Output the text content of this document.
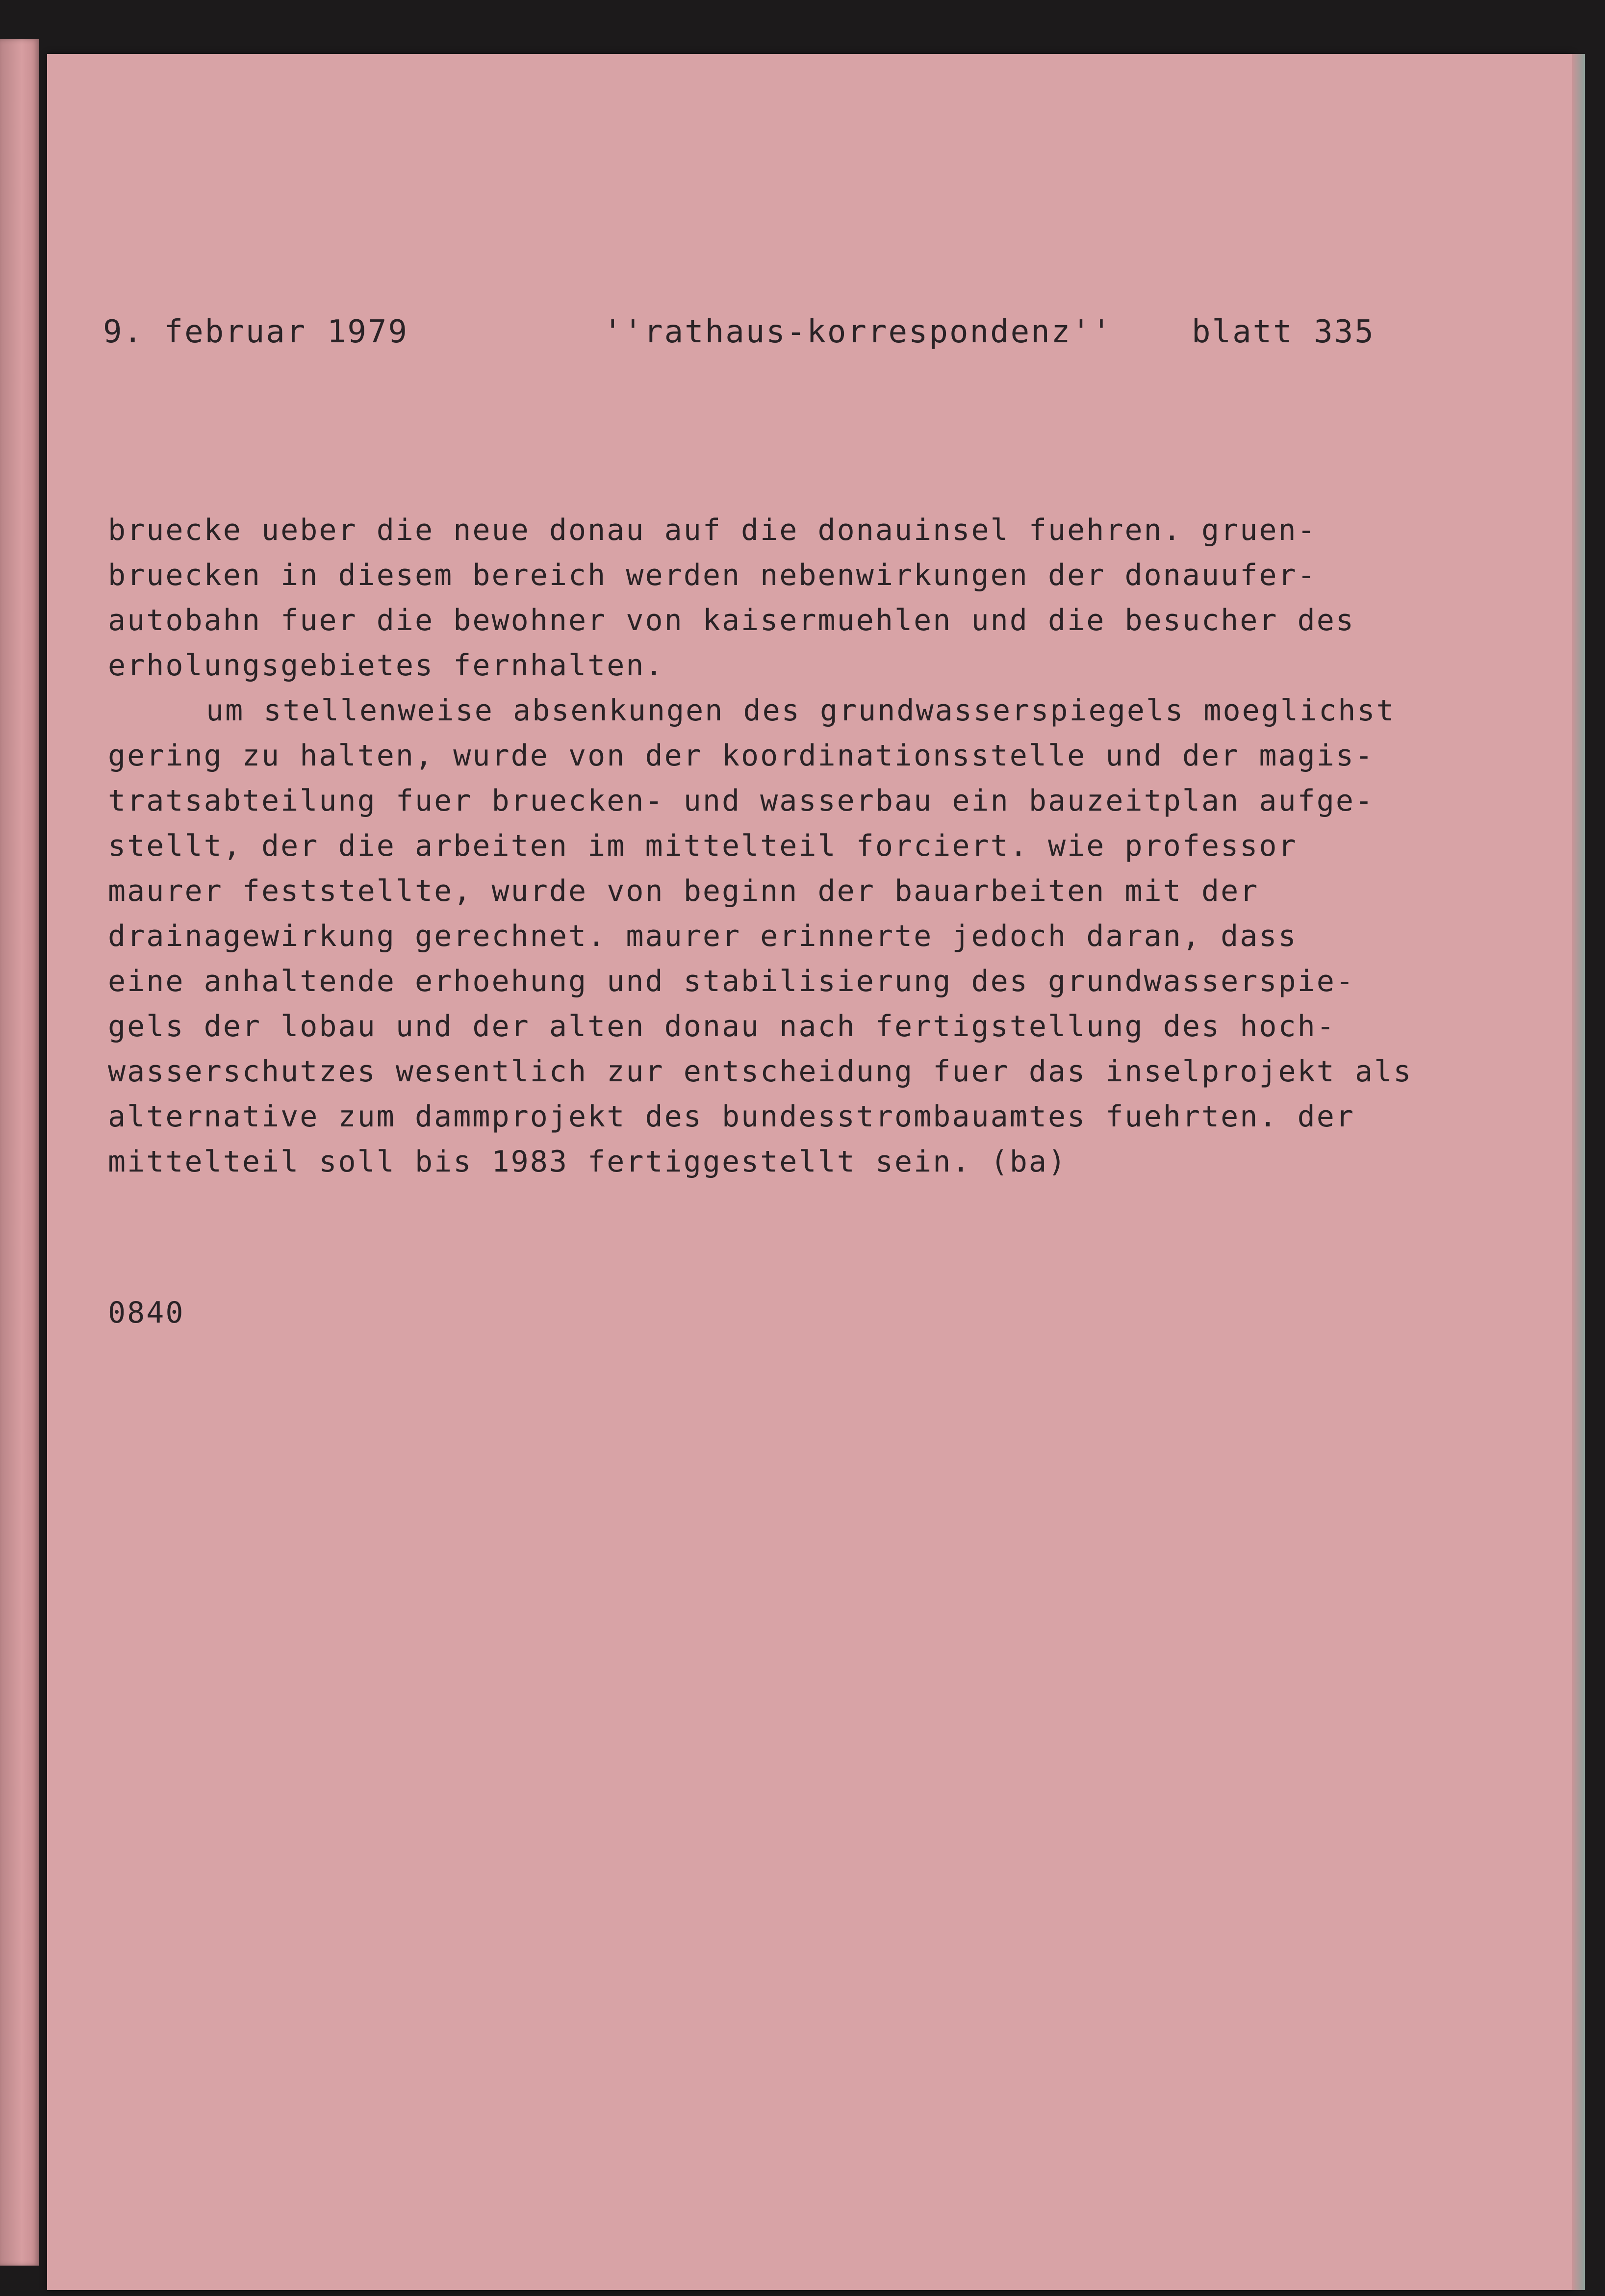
9. februar 1979	''rathaus-korrespondenz''	blatt 335
bruecke ueber die neue donau auf die donauinsel fuehren. gruen-
bruecken in diesem bereich werden nebenwirkungen der donauufer-
autobahn fuer die bewohner von kaisermuehlen und die besucher des
erholungsgebietes fernhalten.
um stellenweise absenkungen des grundwasserspiegels moeglichst
gering zu halten, wurde von der koordinationsstelle und der magis-
tratsabteilung fuer bruecken- und wasserbau ein bauzeitplan aufge-
stellt, der die arbeiten im mittelteil forciert. wie professor
maurer feststellte, wurde von beginn der bauarbeiten mit der
drainagewirkung gerechnet. maurer erinnerte jedoch daran, dass
eine anhaltende erhoehung und stabilisierung des grundwasserspie-
gels der lobau und der alten donau nach fertigstellung des hoch-
wasserschutzes wesentlich zur entscheidung fuer das inselprojekt als
alternative zum dammprojekt des bundesstrombauamtes fuehrten. der
mittelteil soll bis 1983 fertiggestellt sein. (ba)
0840
